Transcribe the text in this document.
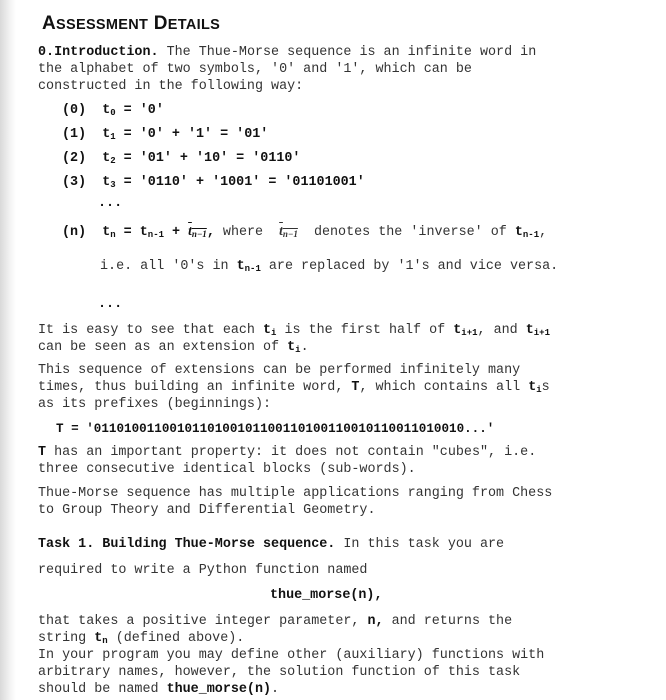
ASSESSMENT DETAILS
0.Introduction. The Thue-Morse sequence is an infinite word in
the alphabet of two symbols, '0' and '1', which can be
constructed in the following way:
(0) $t_0$ = '0'
(1) $t_1$ = '0' + '1' = '01'
(2) $t_2$ = '01' + '10' = '0110'
(3) $t_3$ = '0110' + '1001' = '01101001'
...
(n) $t_n = t_{n-1} + t_{n-1}$, where $t_{n-1}$ denotes the 'inverse' of $t_{n-1}$,
i.e. all '0's in $t_{n-1}$ are replaced by '1's and vice versa.
...
It is easy to see that each $t_i$ is the first half of $t_{i+1}$, and $t_{i+1}$
can be seen as an extension of $t_i$.
This sequence of extensions can be performed infinitely many
times, thus building an infinite word, T, which contains all $t_is$
as its prefixes (beginnings):
T = '0110100110010110100101100110100110010110011010010...'
T has an important property: it does not contain "cubes", i.e.
three consecutive identical blocks (sub-words).
Thue-Morse sequence has multiple applications ranging from Chess
to Group Theory and Differential Geometry.
Task 1. Building Thue-Morse sequence. In this task you are
required to write a Python function named
thue_morse(n),
that takes a positive integer parameter, n, and returns the
string $t_n$ (defined above).
In your program you may define other (auxiliary) functions with
arbitrary names, however, the solution function of this task
should be named thue_morse(n).
